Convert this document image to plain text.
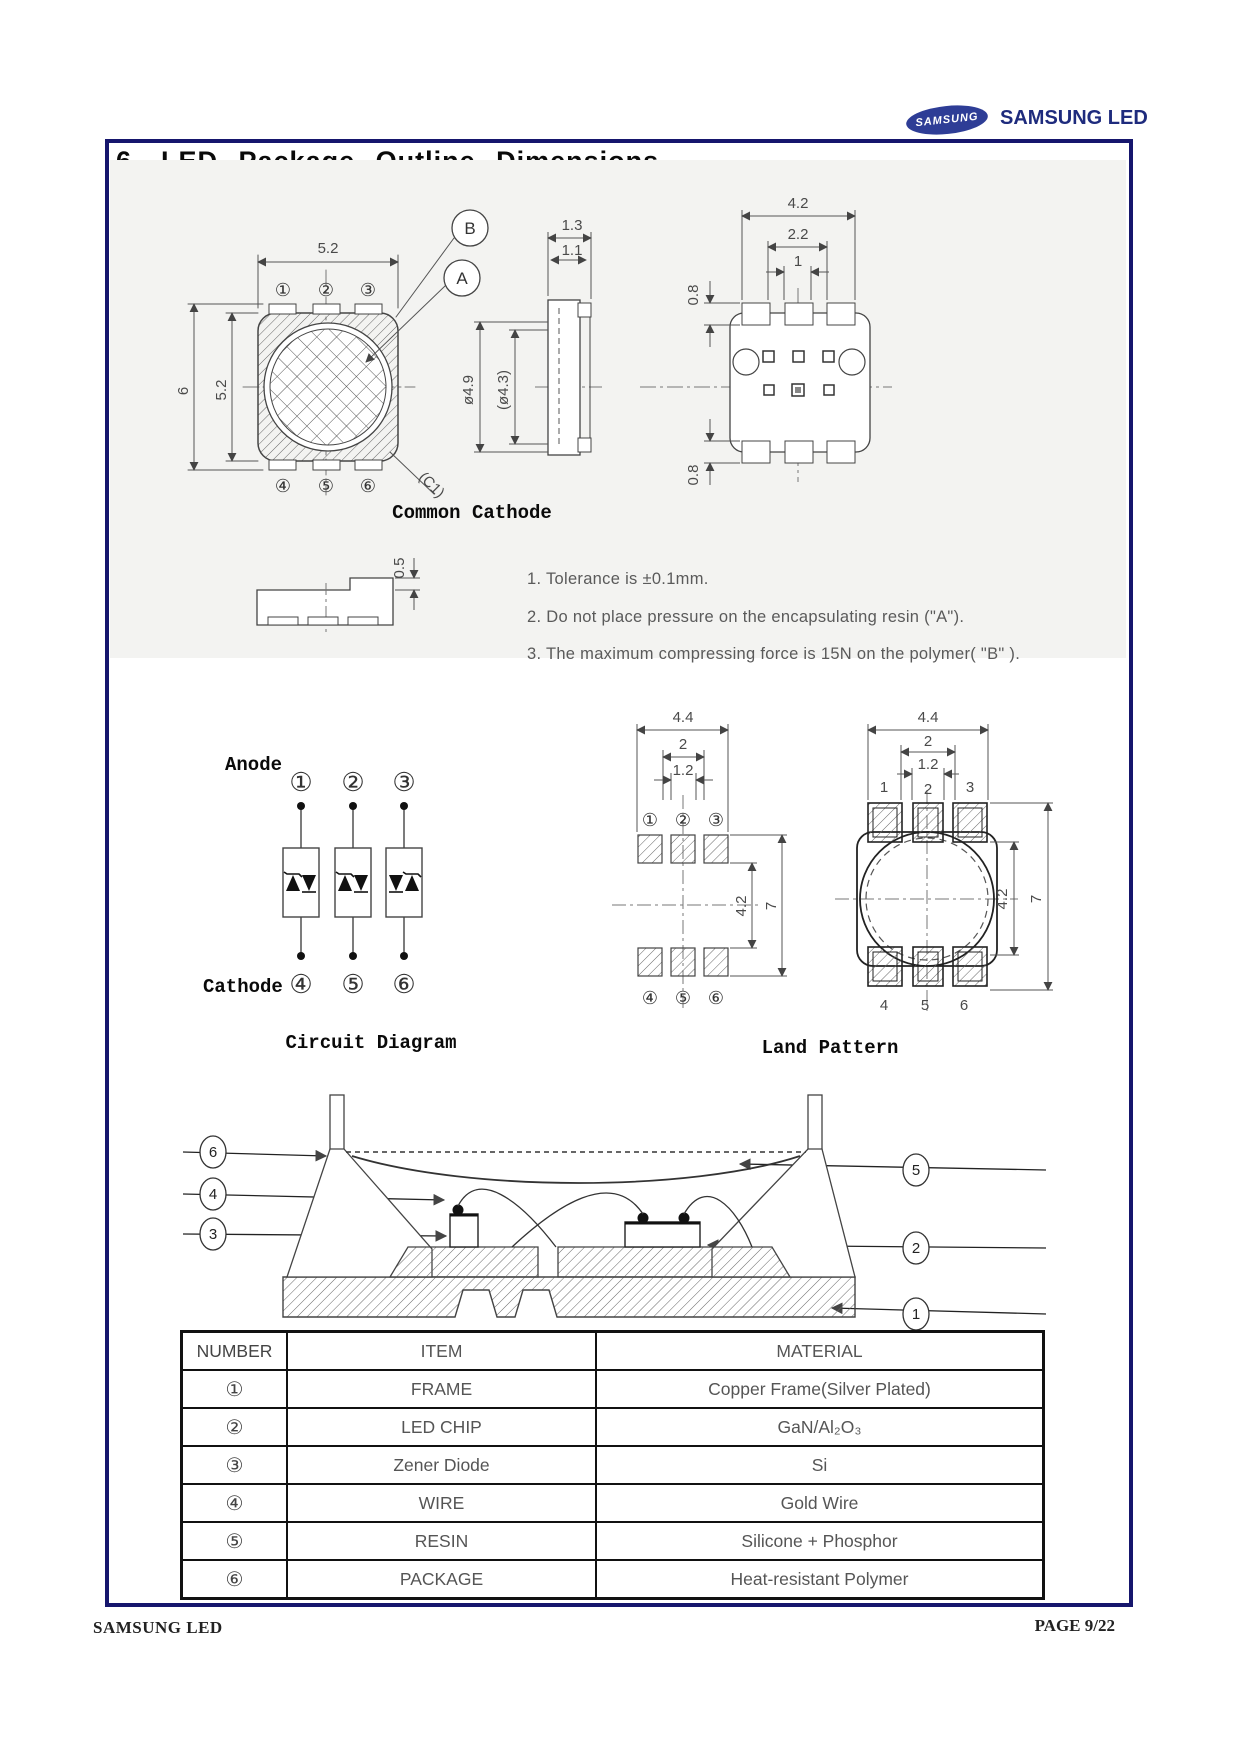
SAMSUNG SAMSUNG LED
① ② ③
④ ⑤ ⑥
5.2
6 5.2
B
A
(C1)
Common Cathode
1.3
1.1
ø4.9 (ø4.3)
4.2
2.2
1
0.8
0.8
0.5
Anode
Cathode
① ② ③
④ ⑤ ⑥
Circuit Diagram
4.4
2
1.2
① ② ③
④ ⑤ ⑥
4.2 7
4.4
2
1.2
1 2 3
4 5 6
4.2 7
Land Pattern
6
4
3
5
2
1
1. Tolerance is ±0.1mm.
2. Do not place pressure on the encapsulating resin ("A").
3. The maximum compressing force is 15N on the polymer( "B" ).
NUMBER	ITEM	MATERIAL
①	FRAME	Copper Frame(Silver Plated)
②	LED CHIP	GaN/Al₂O₃
③	Zener Diode	Si
④	WIRE	Gold Wire
⑤	RESIN	Silicone + Phosphor
⑥	PACKAGE	Heat-resistant Polymer
SAMSUNG LED	PAGE 9/22
